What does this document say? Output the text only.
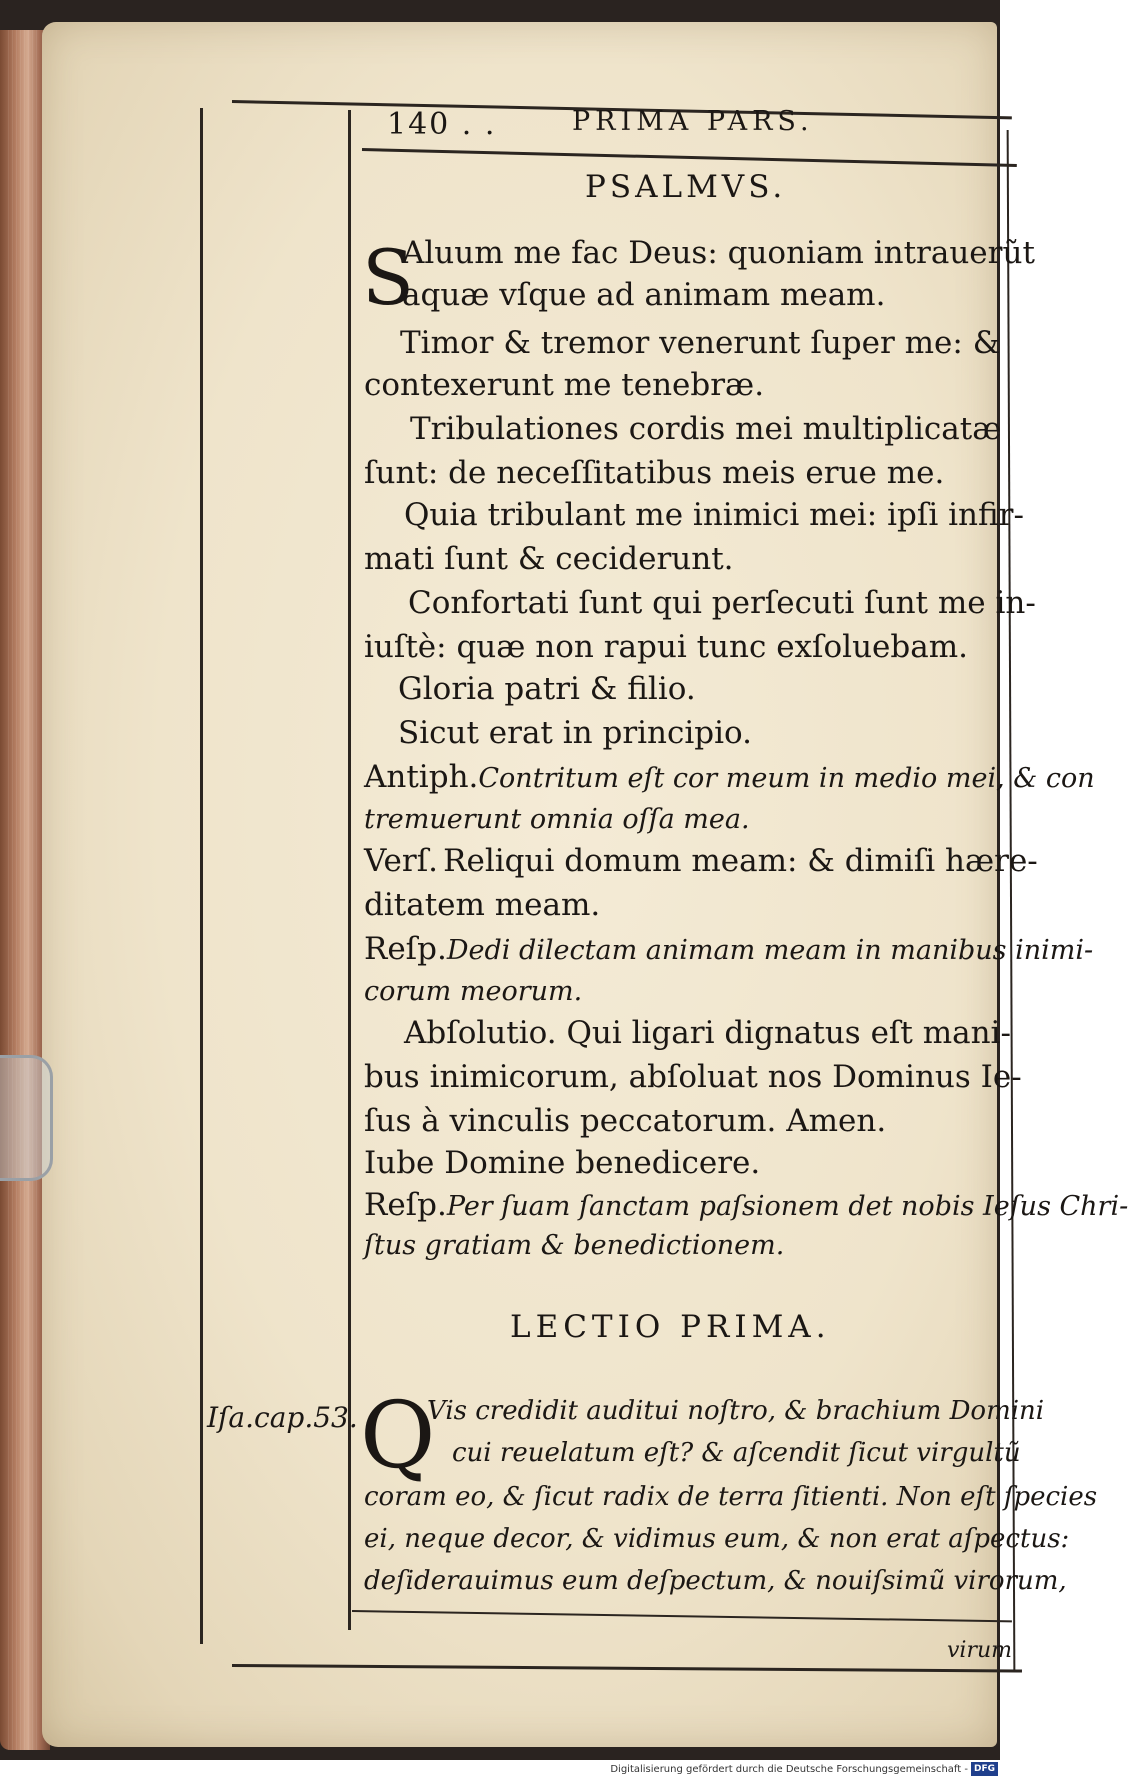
140 . .	PRIMA PARS.
PSALMVS.
S
Aluum me fac Deus: quoniam intrauerũt
aquæ vſque ad animam meam.
Timor & tremor venerunt ſuper me: &
contexerunt me tenebræ.
Tribulationes cordis mei multiplicatæ
ſunt: de neceſſitatibus meis erue me.
Quia tribulant me inimici mei: ipſi infir-
mati ſunt & ceciderunt.
Confortati ſunt qui perſecuti ſunt me in-
iuſtè: quæ non rapui tunc exſoluebam.
Gloria patri & filio.
Sicut erat in principio.
Antiph.Contritum eſt cor meum in medio mei, & con
tremuerunt omnia oſſa mea.
Verſ. Reliqui domum meam: & dimiſi hære-
ditatem meam.
Reſp.Dedi dilectam animam meam in manibus inimi-
corum meorum.
Abſolutio. Qui ligari dignatus eſt mani-
bus inimicorum, abſoluat nos Dominus Ie-
ſus à vinculis peccatorum. Amen.
Iube Domine benedicere.
Reſp.Per ſuam ſanctam paſsionem det nobis Ieſus Chri-
ſtus gratiam & benedictionem.
LECTIO PRIMA.
Iſa.cap.53. Q
Vis credidit auditui noſtro, & brachium Domini
cui reuelatum eſt? & aſcendit ſicut virgultũ
coram eo, & ſicut radix de terra ſitienti. Non eſt ſpecies
ei, neque decor, & vidimus eum, & non erat aſpectus:
deſiderauimus eum deſpectum, & nouiſsimũ virorum,
virum
Digitalisierung gefördert durch die Deutsche Forschungsgemeinschaft - DFG
